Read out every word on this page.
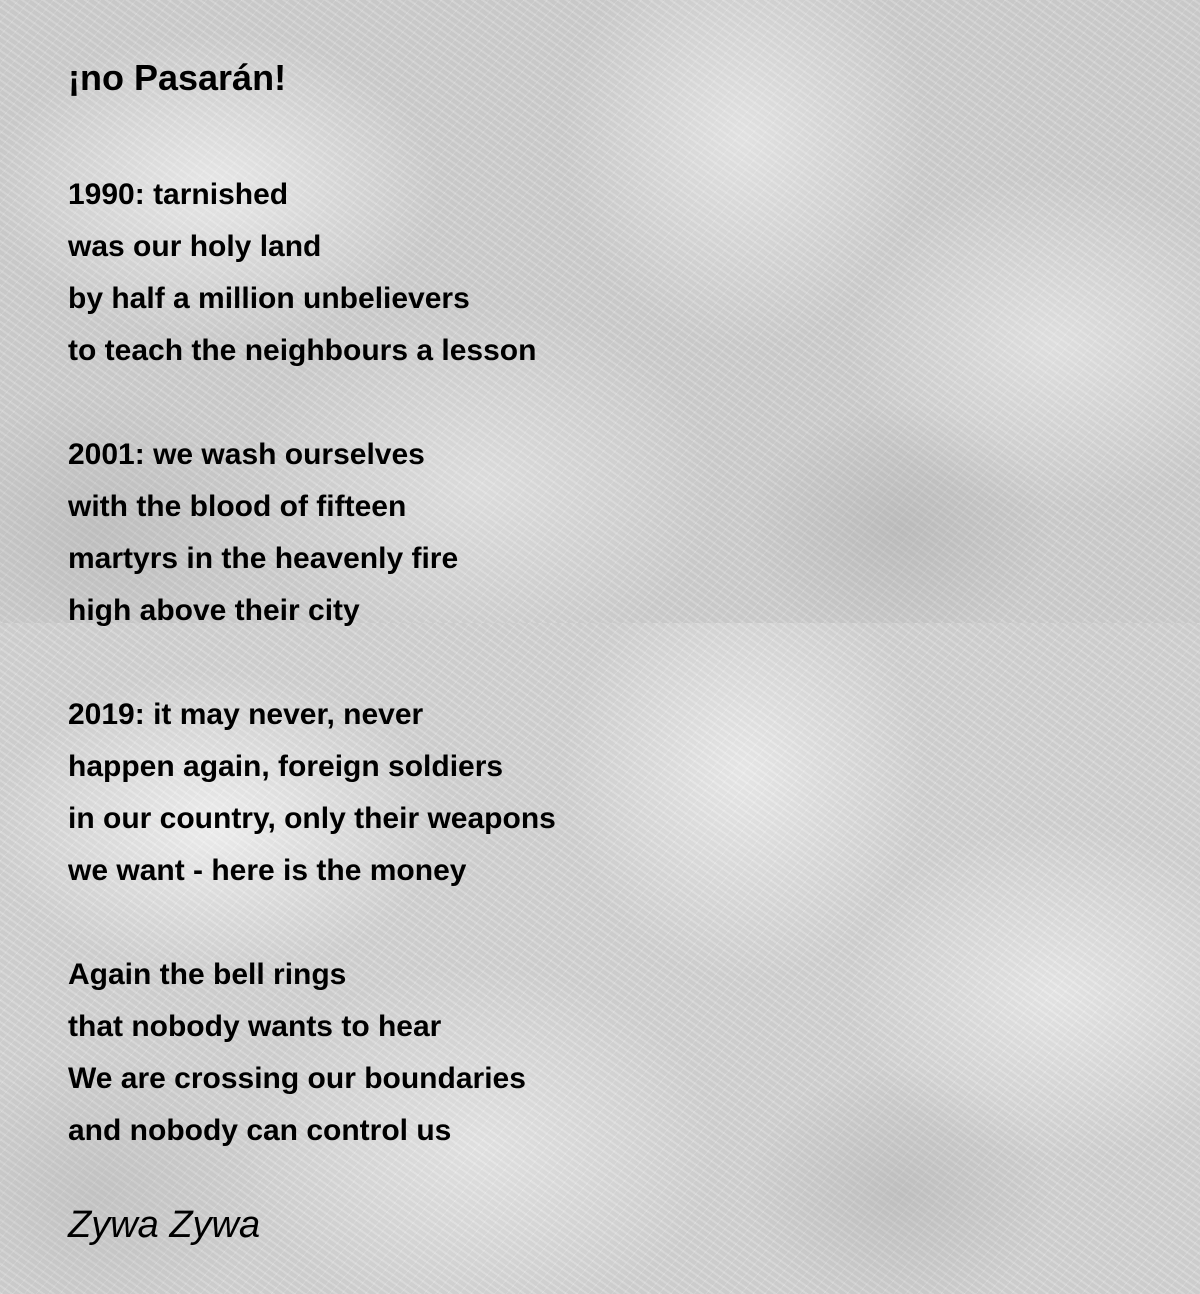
¡no Pasarán!
1990: tarnished
was our holy land
by half a million unbelievers
to teach the neighbours a lesson
2001: we wash ourselves
with the blood of fifteen
martyrs in the heavenly fire
high above their city
2019: it may never, never
happen again, foreign soldiers
in our country, only their weapons
we want - here is the money
Again the bell rings
that nobody wants to hear
We are crossing our boundaries
and nobody can control us
Zywa Zywa
